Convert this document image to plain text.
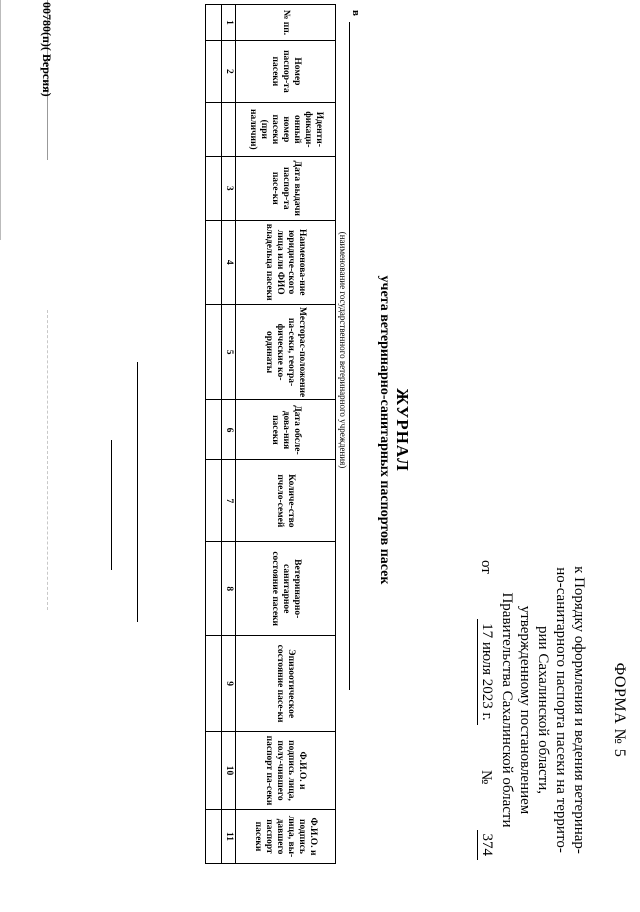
ФОРМА № 5
к Порядку оформления и ведения ветеринар-
но-санитарного паспорта пасеки на террито-
рии Сахалинской области,
утвержденному постановлением
Правительства Сахалинской области
от
17 июля 2023 г.
№
374
ЖУРНАЛ
учета ветеринарно-санитарных паспортов пасек
в
(наименование государственного ветеринарного учреждения)
№ пп.	Номер паспор-та пасеки	Иденти-фикаци-онный номер пасеки (при наличии)	Дата выдачи паспор-та пасе-ки	Наименова-ние юридиче-ского лица или ФИО владельца пасеки	Месторас-положение па-секи, геогра-фические ко-ординаты	Дата обсле-дова-ния пасеки	Количе-ство пчело-семей	Ветеринарно-санитарное состояние пасеки	Эпизоотическое состояние пасе-ки	Ф.И.О. и подпись лица, полу-чившего паспорт па-секи	Ф.И.О. и подпись лица, вы-давшего паспорт пасеки
1	2		3	4	5	6	7	8	9	10	11

00780(п)( Версия)
